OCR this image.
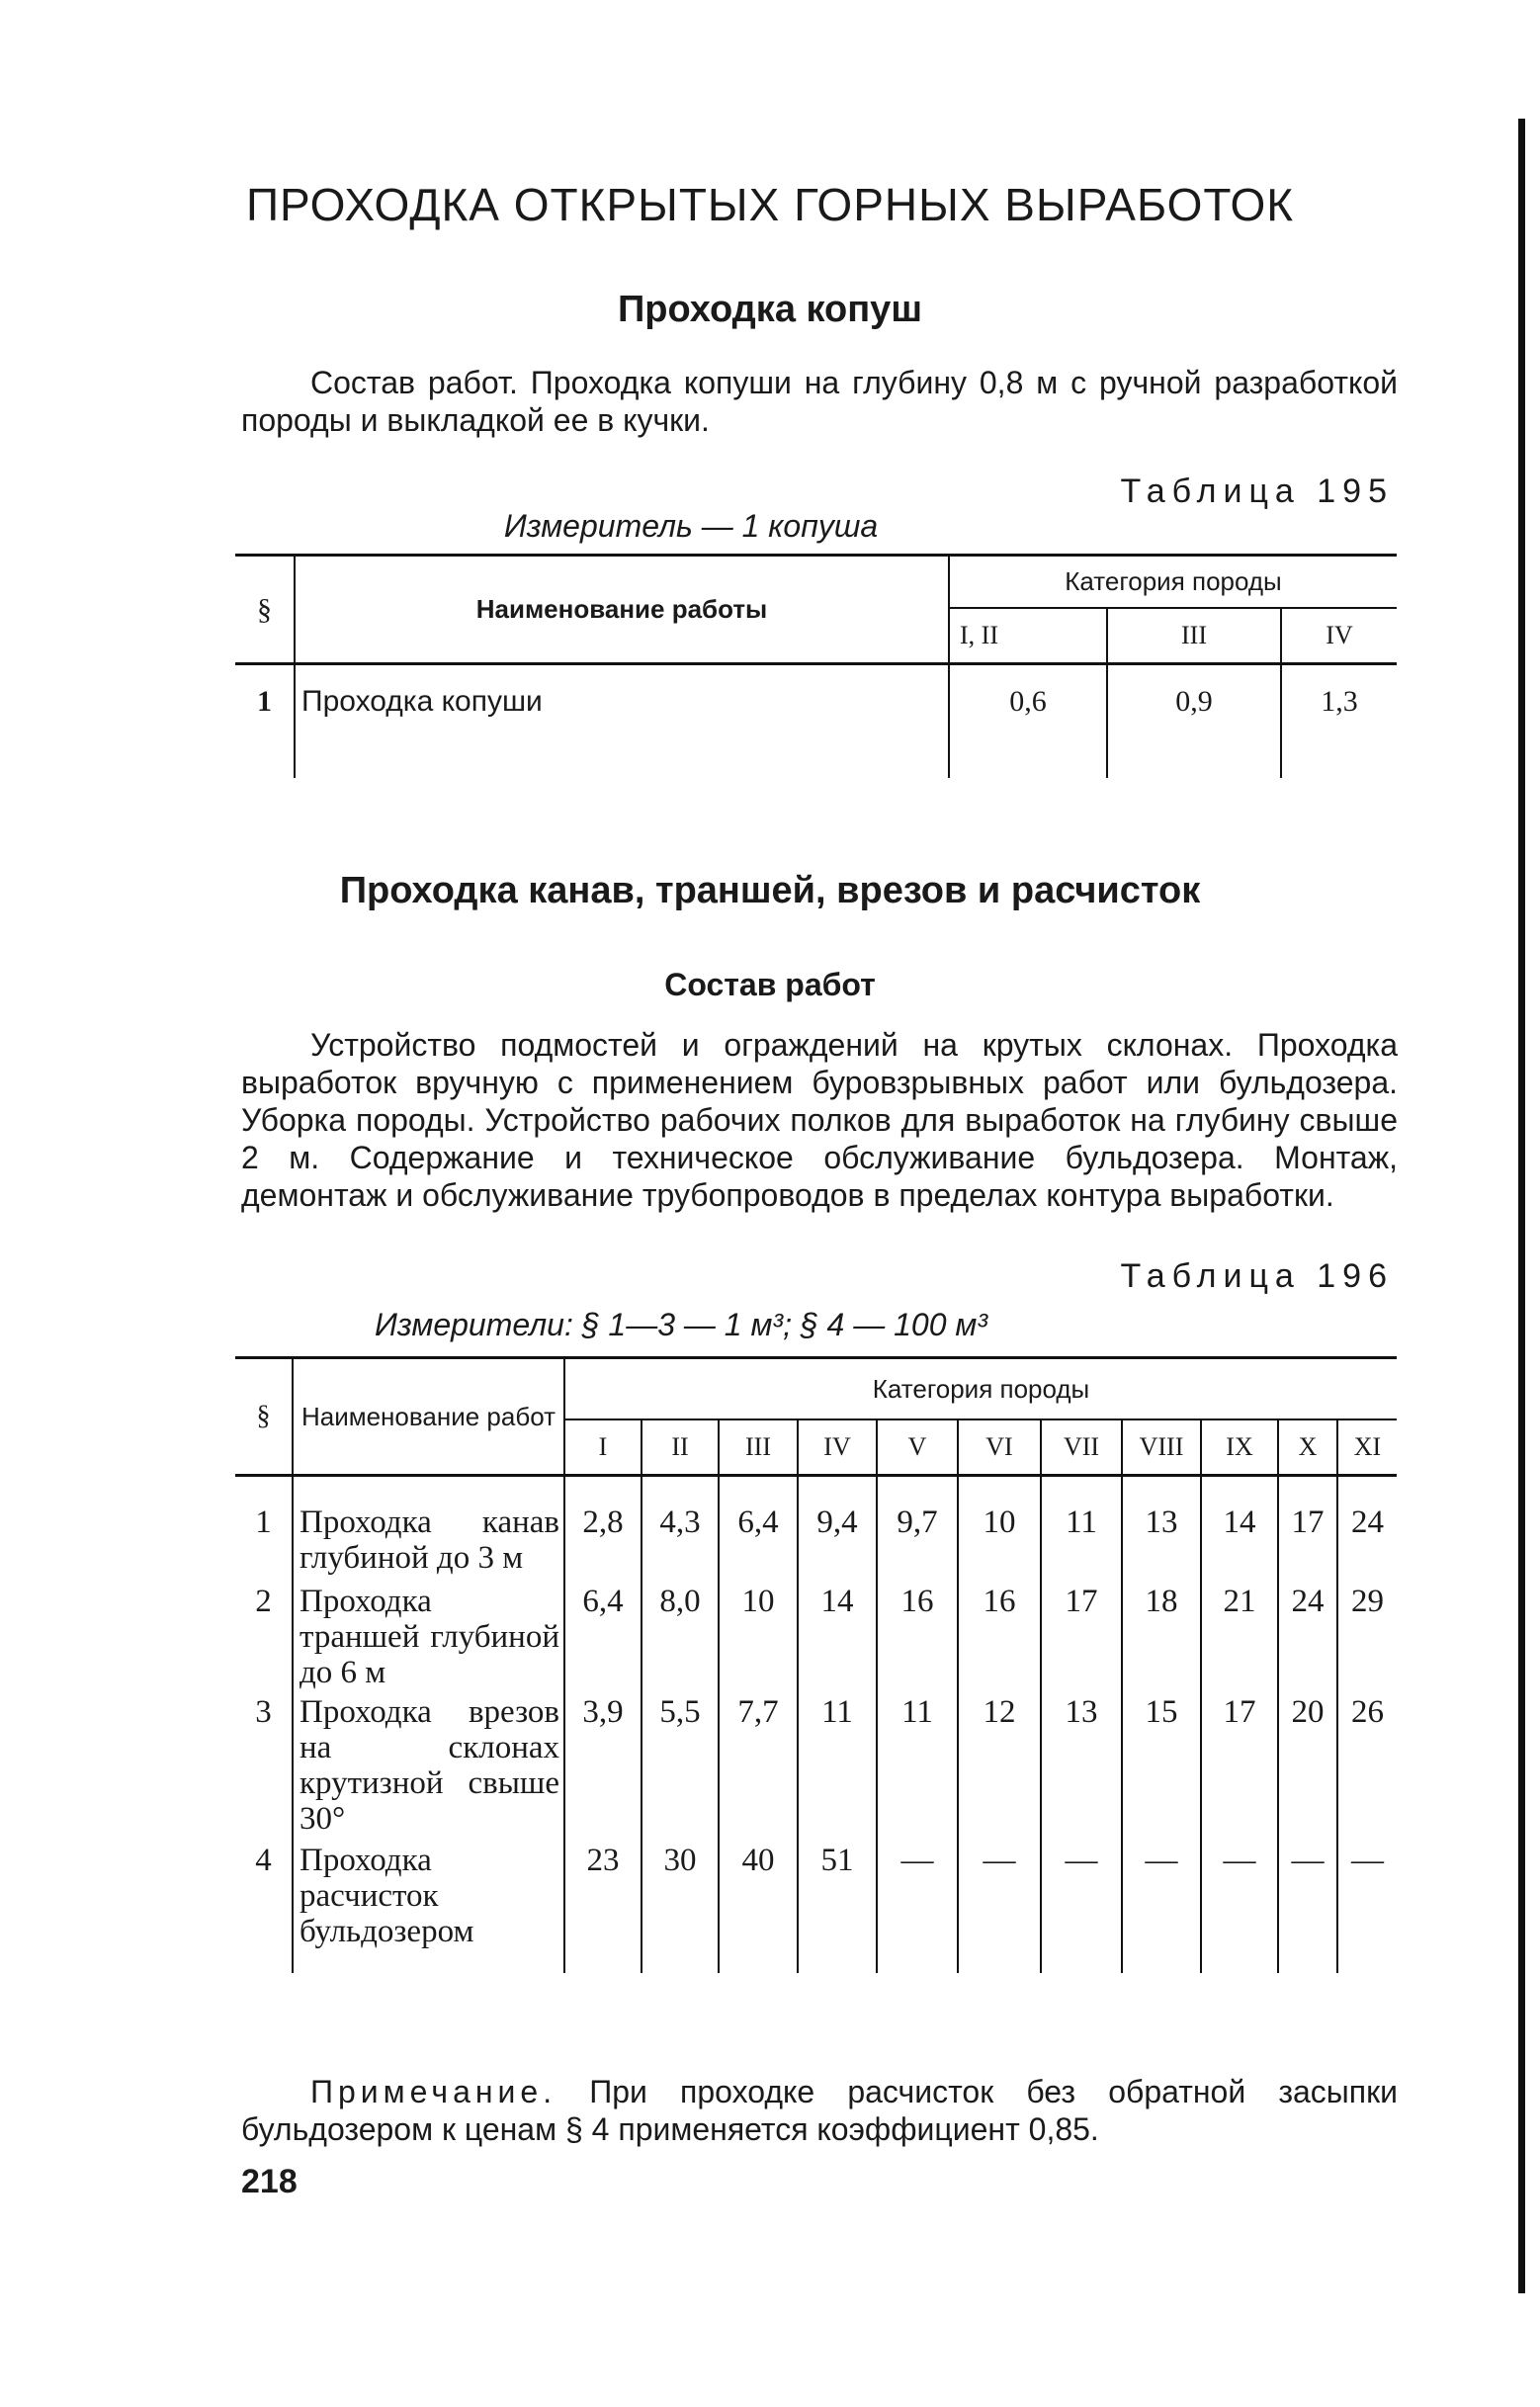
ПРОХОДКА ОТКРЫТЫХ ГОРНЫХ ВЫРАБОТОК
Проходка копуш
Состав работ. Проходка копуши на глубину 0,8 м с ручной разработкой породы и выкладкой ее в кучки.
Таблица 195
Измеритель — 1 копуша
§	Наименование работы	Категория породы		
		I, II	III	IV
1	Проходка копуши	0,6	0,9	1,3
Проходка канав, траншей, врезов и расчисток
Состав работ
Устройство подмостей и ограждений на крутых склонах. Проходка выработок вручную с применением буровзрывных работ или бульдозера. Уборка породы. Устройство рабочих полков для выработок на глубину свыше 2 м. Содержание и техническое обслуживание бульдозера. Монтаж, демонтаж и обслуживание трубопроводов в пределах контура выработки.
Таблица 196
Измерители: § 1—3 — 1 м³; § 4 — 100 м³
§	Наименование работ	Категория породы										
		I	II	III	IV	V	VI	VII	VIII	IX	X	XI
1	Проходка канав глубиной до 3 м	2,8	4,3	6,4	9,4	9,7	10	11	13	14	17	24
2	Проходка траншей глубиной до 6 м	6,4	8,0	10	14	16	16	17	18	21	24	29
3	Проходка врезов на склонах крутизной свыше 30°	3,9	5,5	7,7	11	11	12	13	15	17	20	26
4	Проходка расчисток бульдозером	23	30	40	51	—	—	—	—	—	—	—
Примечание. При проходке расчисток без обратной засыпки бульдозером к ценам § 4 применяется коэффициент 0,85.
218
